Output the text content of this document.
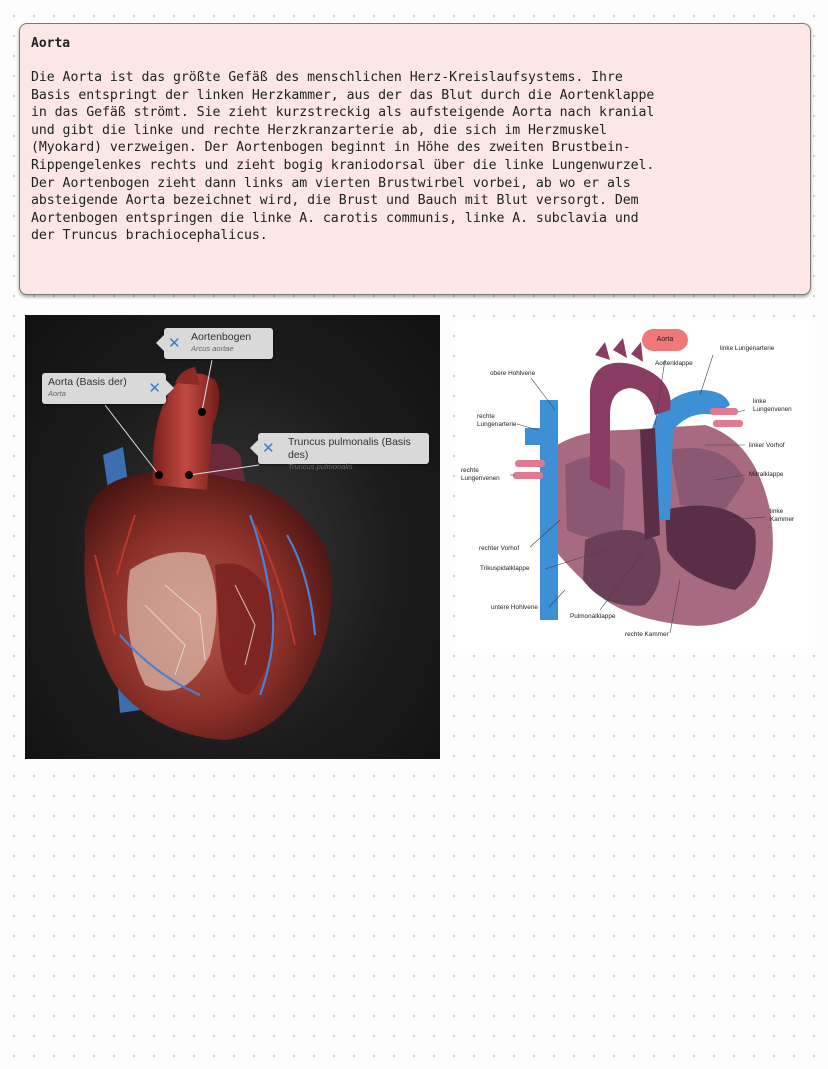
Aorta

Die Aorta ist das größte Gefäß des menschlichen Herz-Kreislaufsystems. Ihre
Basis entspringt der linken Herzkammer, aus der das Blut durch die Aortenklappe
in das Gefäß strömt. Sie zieht kurzstreckig als aufsteigende Aorta nach kranial
und gibt die linke und rechte Herzkranzarterie ab, die sich im Herzmuskel
(Myokard) verzweigen. Der Aortenbogen beginnt in Höhe des zweiten Brustbein-
Rippengelenkes rechts und zieht bogig kraniodorsal über die linke Lungenwurzel.
Der Aortenbogen zieht dann links am vierten Brustwirbel vorbei, ab wo er als
absteigende Aorta bezeichnet wird, die Brust und Bauch mit Blut versorgt. Dem
Aortenbogen entspringen die linke A. carotis communis, linke A. subclavia und
der Truncus brachiocephalicus.

✕ Aortenbogen
Arcus aortae
Aorta (Basis der)
Aorta	✕
✕ Truncus pulmonalis (Basis des)
Truncus pulmonalis
Aorta
Aortenklappe
linke Lungenarterie
obere Hohlvene
linke
Lungenvenen
rechte
Lungenarterie
linker Vorhof
rechte
Lungenvenen	Mitralklappe
linke
Kammer
rechter Vorhof
Trikuspidalklappe
untere Hohlvene
Pulmonalklappe
rechte Kammer
